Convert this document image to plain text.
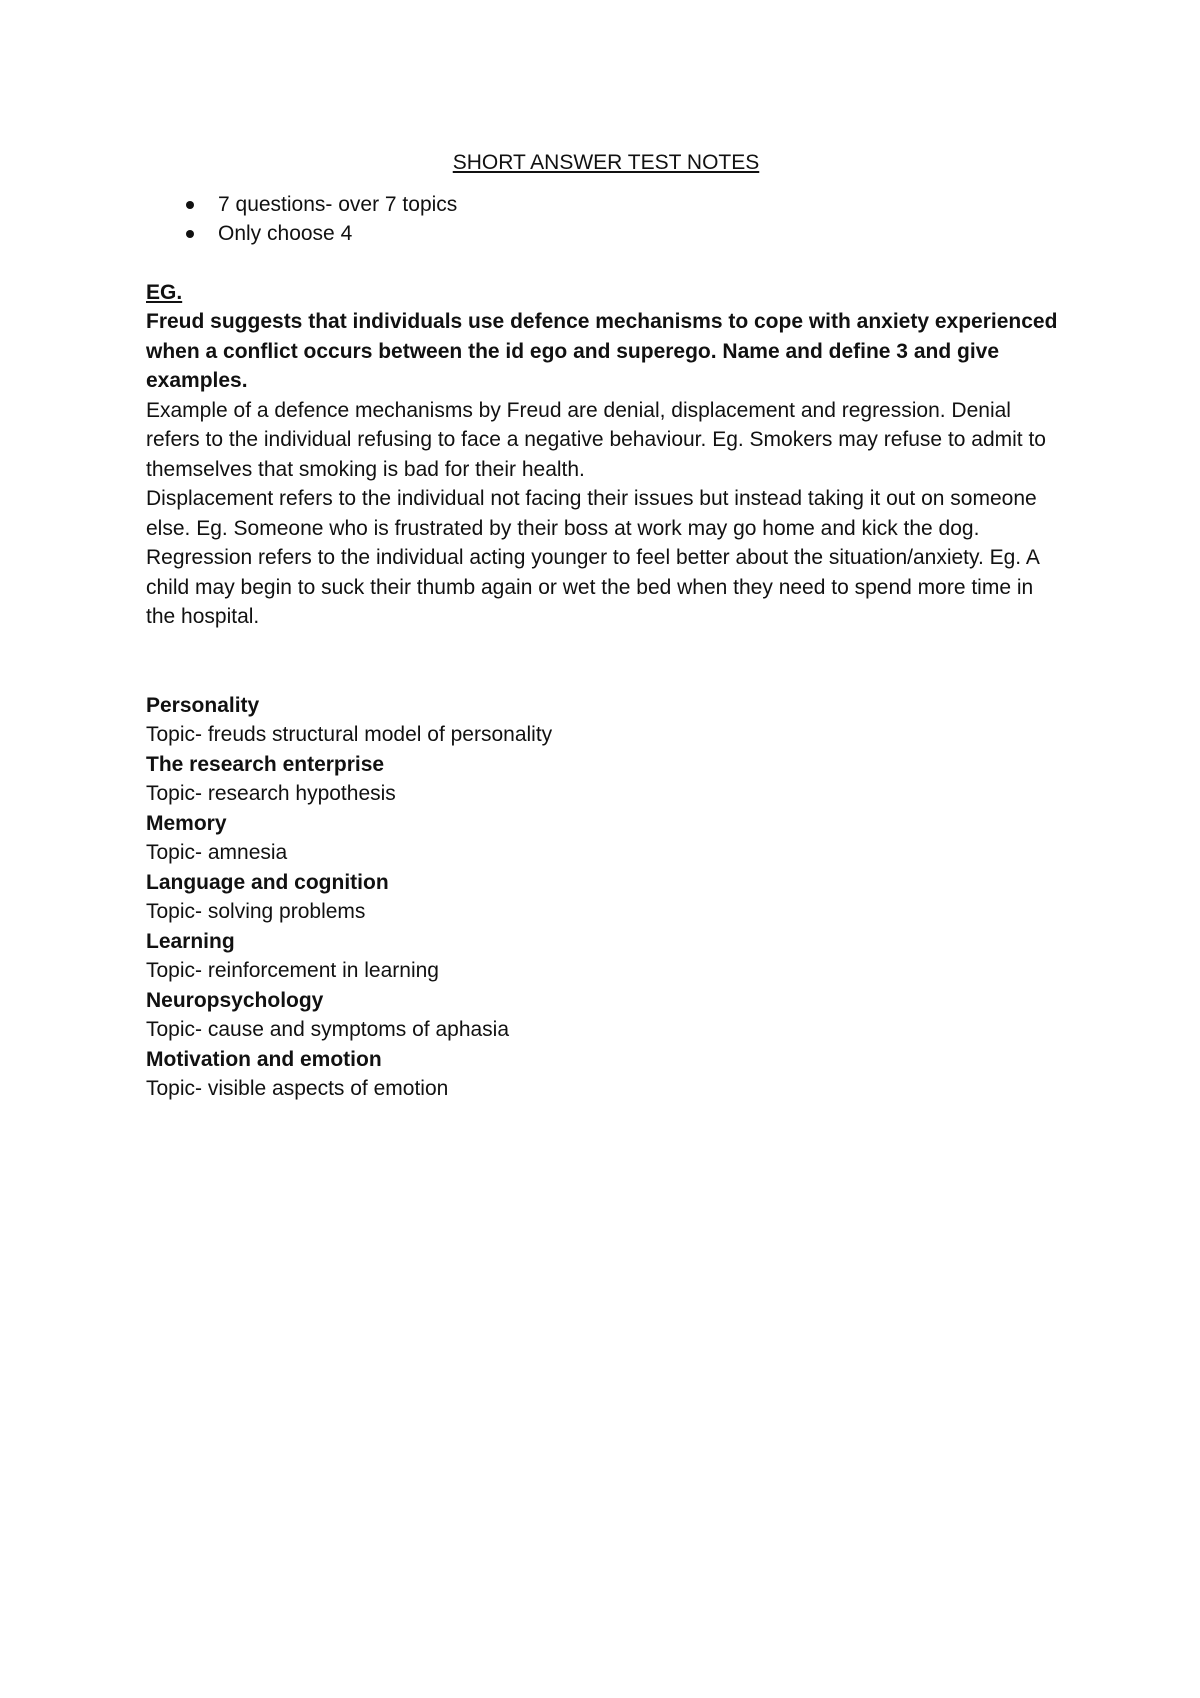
SHORT ANSWER TEST NOTES
7 questions- over 7 topics
Only choose 4

EG.

Freud suggests that individuals use defence mechanisms to cope with anxiety experienced when a conflict occurs between the id ego and superego. Name and define 3 and give examples.

Example of a defence mechanisms by Freud are denial, displacement and regression. Denial refers to the individual refusing to face a negative behaviour. Eg. Smokers may refuse to admit to themselves that smoking is bad for their health.

Displacement refers to the individual not facing their issues but instead taking it out on someone else. Eg. Someone who is frustrated by their boss at work may go home and kick the dog.

Regression refers to the individual acting younger to feel better about the situation/anxiety. Eg. A child may begin to suck their thumb again or wet the bed when they need to spend more time in the hospital.

Personality

Topic- freuds structural model of personality

The research enterprise

Topic- research hypothesis

Memory

Topic- amnesia

Language and cognition

Topic- solving problems

Learning

Topic- reinforcement in learning

Neuropsychology

Topic- cause and symptoms of aphasia

Motivation and emotion

Topic- visible aspects of emotion
